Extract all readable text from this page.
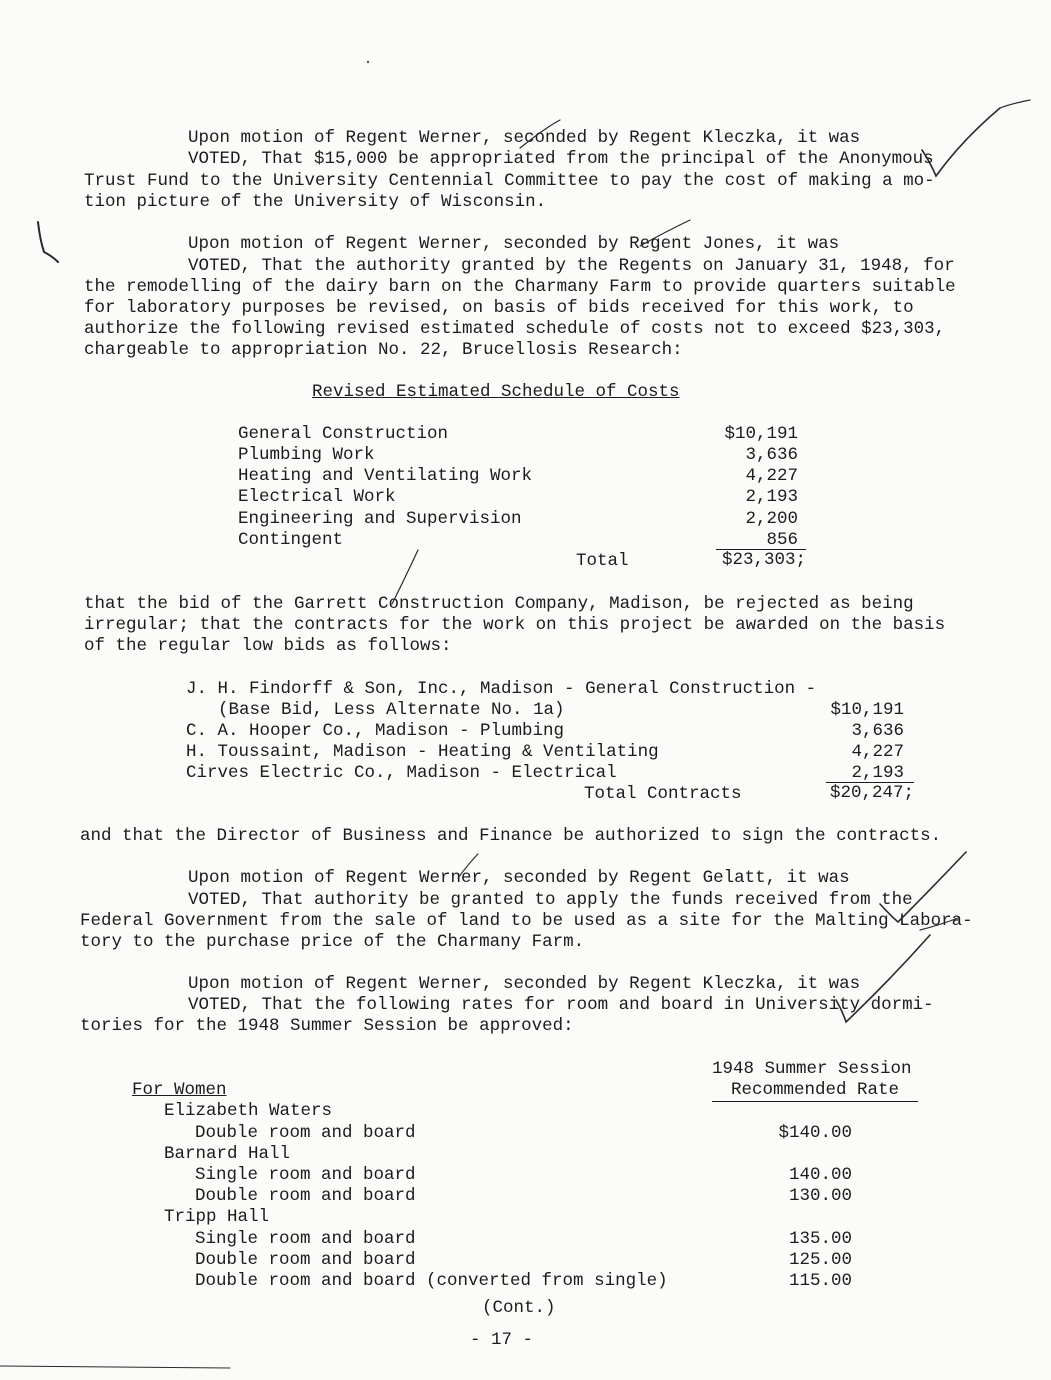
Upon motion of Regent Werner, seconded by Regent Kleczka, it was
VOTED, That $15,000 be appropriated from the principal of the Anonymous
Trust Fund to the University Centennial Committee to pay the cost of making a mo-
tion picture of the University of Wisconsin.
Upon motion of Regent Werner, seconded by Regent Jones, it was
VOTED, That the authority granted by the Regents on January 31, 1948, for
the remodelling of the dairy barn on the Charmany Farm to provide quarters suitable
for laboratory purposes be revised, on basis of bids received for this work, to
authorize the following revised estimated schedule of costs not to exceed $23,303,
chargeable to appropriation No. 22, Brucellosis Research:
Revised Estimated Schedule of Costs
General Construction	$10,191
Plumbing Work	3,636
Heating and Ventilating Work	4,227
Electrical Work	2,193
Engineering and Supervision	2,200
Contingent	856
Total	$23,303;
that the bid of the Garrett Construction Company, Madison, be rejected as being
irregular; that the contracts for the work on this project be awarded on the basis
of the regular low bids as follows:
J. H. Findorff & Son, Inc., Madison - General Construction -
(Base Bid, Less Alternate No. 1a)	$10,191
C. A. Hooper Co., Madison - Plumbing	3,636
H. Toussaint, Madison - Heating & Ventilating	4,227
Cirves Electric Co., Madison - Electrical	2,193
Total Contracts	$20,247;
and that the Director of Business and Finance be authorized to sign the contracts.
Upon motion of Regent Werner, seconded by Regent Gelatt, it was
VOTED, That authority be granted to apply the funds received from the
Federal Government from the sale of land to be used as a site for the Malting Labora-
tory to the purchase price of the Charmany Farm.
Upon motion of Regent Werner, seconded by Regent Kleczka, it was
VOTED, That the following rates for room and board in University dormi-
tories for the 1948 Summer Session be approved:
1948 Summer Session
Recommended Rate
For Women
Elizabeth Waters
Double room and board	$140.00
Barnard Hall
Single room and board	140.00
Double room and board	130.00
Tripp Hall
Single room and board	135.00
Double room and board	125.00
Double room and board (converted from single)	115.00
(Cont.)
- 17 -
